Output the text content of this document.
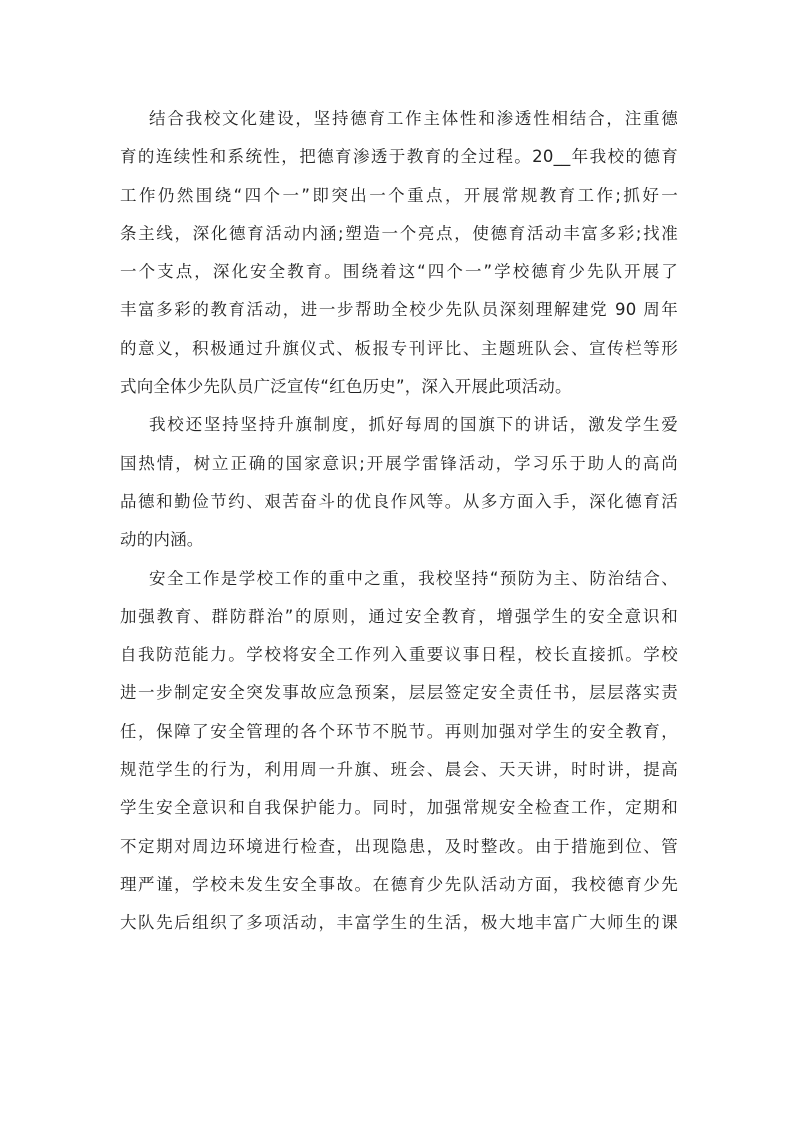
结合我校文化建设，坚持德育工作主体性和渗透性相结合，注重德
育的连续性和系统性，把德育渗透于教育的全过程。20__年我校的德育
工作仍然围绕“四个一”即突出一个重点，开展常规教育工作;抓好一
条主线，深化德育活动内涵;塑造一个亮点，使德育活动丰富多彩;找准
一个支点，深化安全教育。围绕着这“四个一”学校德育少先队开展了
丰富多彩的教育活动，进一步帮助全校少先队员深刻理解建党 90 周年
的意义，积极通过升旗仪式、板报专刊评比、主题班队会、宣传栏等形
式向全体少先队员广泛宣传“红色历史”，深入开展此项活动。
我校还坚持坚持升旗制度，抓好每周的国旗下的讲话，激发学生爱
国热情，树立正确的国家意识;开展学雷锋活动，学习乐于助人的高尚
品德和勤俭节约、艰苦奋斗的优良作风等。从多方面入手，深化德育活
动的内涵。
安全工作是学校工作的重中之重，我校坚持“预防为主、防治结合、
加强教育、群防群治”的原则，通过安全教育，增强学生的安全意识和
自我防范能力。学校将安全工作列入重要议事日程，校长直接抓。学校
进一步制定安全突发事故应急预案，层层签定安全责任书，层层落实责
任，保障了安全管理的各个环节不脱节。再则加强对学生的安全教育，
规范学生的行为，利用周一升旗、班会、晨会、天天讲，时时讲，提高
学生安全意识和自我保护能力。同时，加强常规安全检查工作，定期和
不定期对周边环境进行检查，出现隐患，及时整改。由于措施到位、管
理严谨，学校未发生安全事故。在德育少先队活动方面，我校德育少先
大队先后组织了多项活动，丰富学生的生活，极大地丰富广大师生的课
